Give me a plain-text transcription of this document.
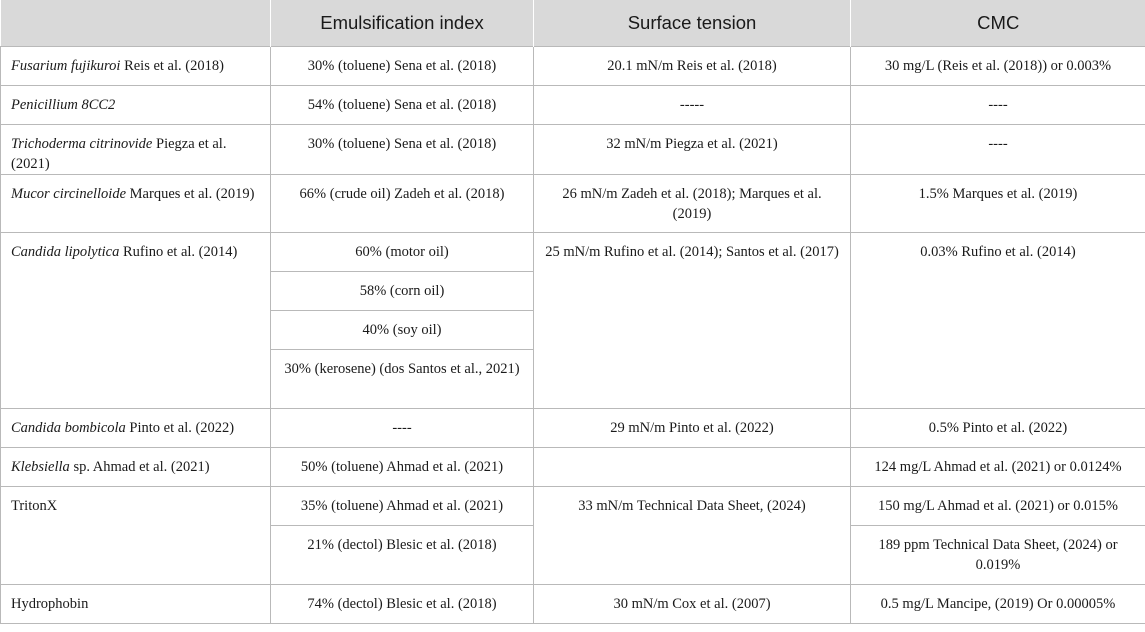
	Emulsification index	Surface tension	CMC
Fusarium fujikuroi Reis et al. (2018)	30% (toluene) Sena et al. (2018)	20.1 mN/m Reis et al. (2018)	30 mg/L (Reis et al. (2018)) or 0.003%
Penicillium 8CC2	54% (toluene) Sena et al. (2018)	-----	----
Trichoderma citrinovide Piegza et al. (2021)	30% (toluene) Sena et al. (2018)	32 mN/m Piegza et al. (2021)	----
Mucor circinelloide Marques et al. (2019)	66% (crude oil) Zadeh et al. (2018)	26 mN/m Zadeh et al. (2018); Marques et al. (2019)	1.5% Marques et al. (2019)
Candida lipolytica Rufino et al. (2014)	60% (motor oil)	25 mN/m Rufino et al. (2014); Santos et al. (2017)	0.03% Rufino et al. (2014)
	58% (corn oil)		
	40% (soy oil)		
	30% (kerosene) (dos Santos et al., 2021)		
Candida bombicola Pinto et al. (2022)	----	29 mN/m Pinto et al. (2022)	0.5% Pinto et al. (2022)
Klebsiella sp. Ahmad et al. (2021)	50% (toluene) Ahmad et al. (2021)		124 mg/L Ahmad et al. (2021) or 0.0124%
TritonX	35% (toluene) Ahmad et al. (2021)	33 mN/m Technical Data Sheet, (2024)	150 mg/L Ahmad et al. (2021) or 0.015%
	21% (dectol) Blesic et al. (2018)		189 ppm Technical Data Sheet, (2024) or 0.019%
Hydrophobin	74% (dectol) Blesic et al. (2018)	30 mN/m Cox et al. (2007)	0.5 mg/L Mancipe, (2019) Or 0.00005%
